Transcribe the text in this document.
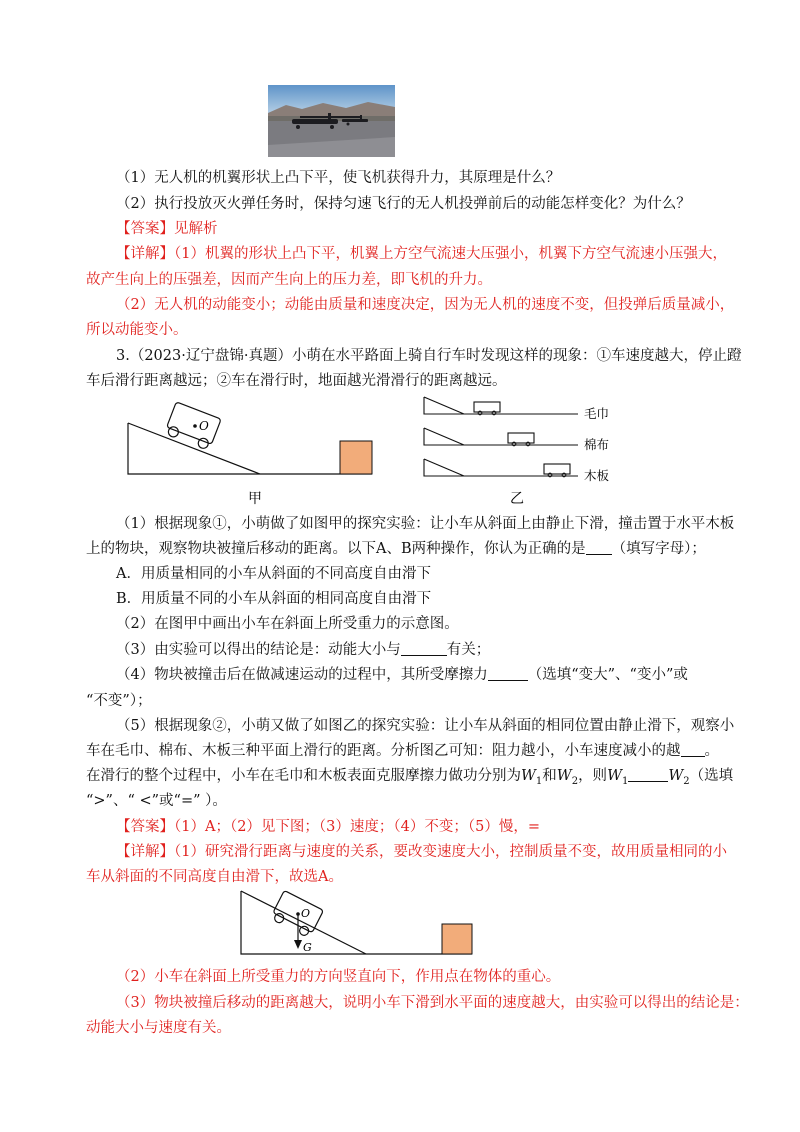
（1）无人机的机翼形状上凸下平，使飞机获得升力，其原理是什么？
（2）执行投放灭火弹任务时，保持匀速飞行的无人机投弹前后的动能怎样变化？为什么？
【答案】见解析
【详解】（1）机翼的形状上凸下平，机翼上方空气流速大压强小，机翼下方空气流速小压强大，
故产生向上的压强差，因而产生向上的压力差，即飞机的升力。
（2）无人机的动能变小；动能由质量和速度决定，因为无人机的速度不变，但投弹后质量减小，
所以动能变小。
3.（2023·辽宁盘锦·真题）小萌在水平路面上骑自行车时发现这样的现象：①车速度越大，停止蹬
车后滑行距离越远；②车在滑行时，地面越光滑滑行的距离越远。
O
甲
毛巾
棉布
木板
乙
（1）根据现象①，小萌做了如图甲的探究实验：让小车从斜面上由静止下滑，撞击置于水平木板
上的物块，观察物块被撞后移动的距离。以下A、B两种操作，你认为正确的是 （填写字母）；
A．用质量相同的小车从斜面的不同高度自由滑下
B．用质量不同的小车从斜面的相同高度自由滑下
（2）在图甲中画出小车在斜面上所受重力的示意图。
（3）由实验可以得出的结论是：动能大小与	有关；
（4）物块被撞击后在做减速运动的过程中，其所受摩擦力	（选填“变大”、“变小”或
“不变”）；
（5）根据现象②，小萌又做了如图乙的探究实验：让小车从斜面的相同位置由静止滑下，观察小
车在毛巾、棉布、木板三种平面上滑行的距离。分析图乙可知：阻力越小，小车速度减小的越 。
在滑行的整个过程中，小车在毛巾和木板表面克服摩擦力做功分别为$W_1$和$W_2$，则$W_1$	$W_2$（选填
“>”、“ <”或“=” ）。
【答案】（1）A；（2）见下图；（3）速度；（4）不变；（5）慢，=
【详解】（1）研究滑行距离与速度的关系，要改变速度大小，控制质量不变，故用质量相同的小
车从斜面的不同高度自由滑下，故选A。
O
G
（2）小车在斜面上所受重力的方向竖直向下，作用点在物体的重心。
（3）物块被撞后移动的距离越大，说明小车下滑到水平面的速度越大，由实验可以得出的结论是：
动能大小与速度有关。
